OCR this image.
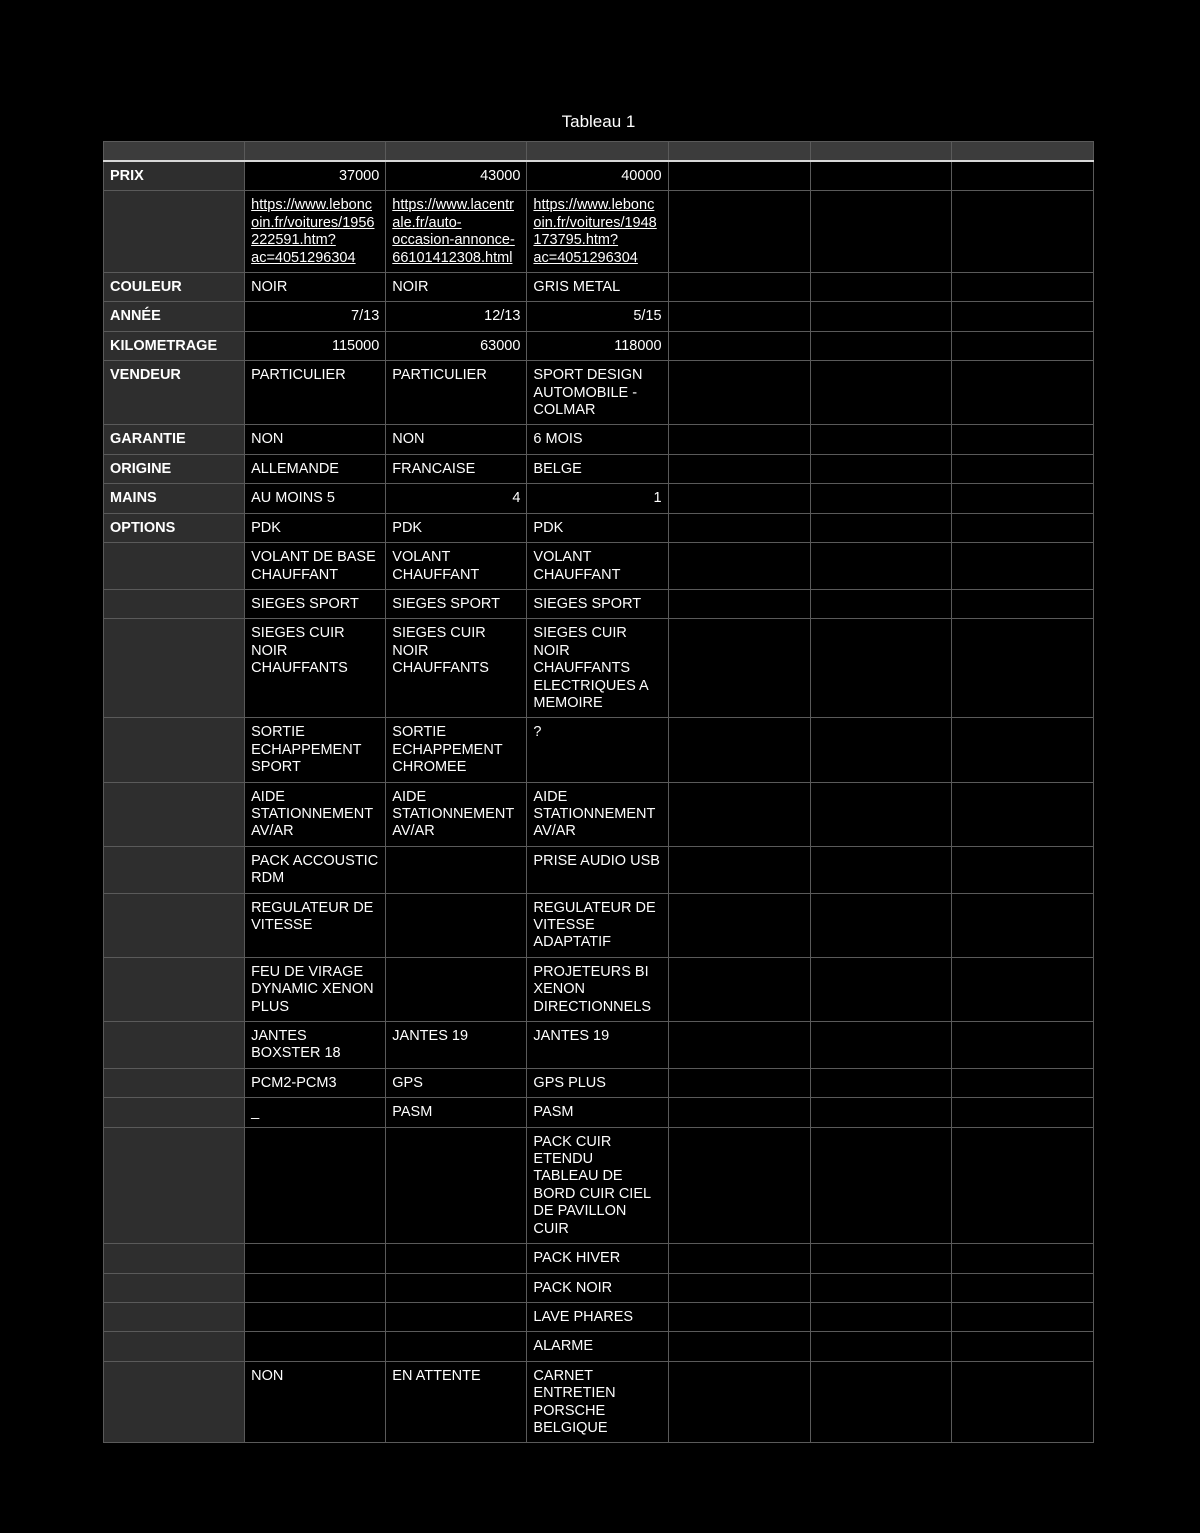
Tableau 1

PRIX	37000	43000	40000			
	https://www.leboncoin.fr/voitures/1956222591.htm?ac=4051296304	https://www.lacentrale.fr/auto-occasion-annonce-66101412308.html	https://www.leboncoin.fr/voitures/1948173795.htm?ac=4051296304			
COULEUR	NOIR	NOIR	GRIS METAL			
ANNÉE	7/13	12/13	5/15			
KILOMETRAGE	115000	63000	118000			
VENDEUR	PARTICULIER	PARTICULIER	SPORT DESIGN AUTOMOBILE - COLMAR			
GARANTIE	NON	NON	6 MOIS			
ORIGINE	ALLEMANDE	FRANCAISE	BELGE			
MAINS	AU MOINS 5	4	1			
OPTIONS	PDK	PDK	PDK			
	VOLANT DE BASE CHAUFFANT	VOLANT CHAUFFANT	VOLANT CHAUFFANT			
	SIEGES SPORT	SIEGES SPORT	SIEGES SPORT			
	SIEGES CUIR NOIR CHAUFFANTS	SIEGES CUIR NOIR CHAUFFANTS	SIEGES CUIR NOIR CHAUFFANTS ELECTRIQUES A MEMOIRE			
	SORTIE ECHAPPEMENT SPORT	SORTIE ECHAPPEMENT CHROMEE	?			
	AIDE STATIONNEMENT AV/AR	AIDE STATIONNEMENT AV/AR	AIDE STATIONNEMENT AV/AR			
	PACK ACCOUSTIC RDM		PRISE AUDIO USB			
	REGULATEUR DE VITESSE		REGULATEUR DE VITESSE ADAPTATIF			
	FEU DE VIRAGE DYNAMIC XENON PLUS		PROJETEURS BI XENON DIRECTIONNELS			
	JANTES BOXSTER 18	JANTES 19	JANTES 19			
	PCM2-PCM3	GPS	GPS PLUS			
	_	PASM	PASM			
			PACK CUIR ETENDU TABLEAU DE BORD CUIR CIEL DE PAVILLON CUIR			
			PACK HIVER			
			PACK NOIR			
			LAVE PHARES			
			ALARME			
	NON	EN ATTENTE	CARNET ENTRETIEN PORSCHE BELGIQUE			
